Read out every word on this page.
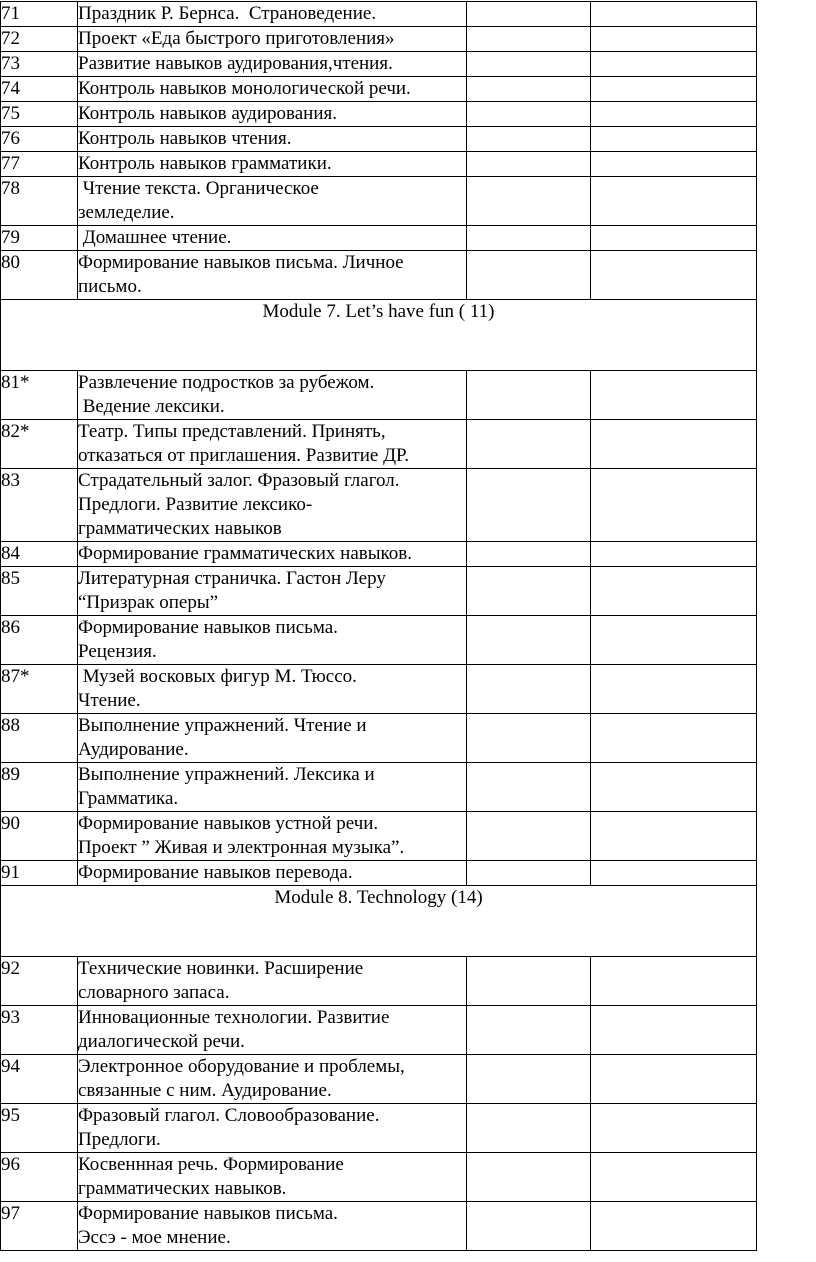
71	Праздник Р. Бернса.  Страноведение.		

72	Проект «Еда быстрого приготовления»		

73	Развитие навыков аудирования,чтения.		

74	Контроль навыков монологической речи.		

75	Контроль навыков аудирования.		

76	Контроль навыков чтения.		

77	Контроль навыков грамматики.		

78	Чтение текста. Органическое
земледелие.		

79	Домашнее чтение.		

80	Формирование навыков письма. Личное
письмо.		

Module 7. Let’s have fun ( 11)			
81*	Развлечение подростков за рубежом.
Ведение лексики.		

82*	Театр. Типы представлений. Принять,
отказаться от приглашения. Развитие ДР.		

83	Страдательный залог. Фразовый глагол.
Предлоги. Развитие лексико-
грамматических навыков		

84	Формирование грамматических навыков.		

85	Литературная страничка. Гастон Леру
“Призрак оперы”		

86	Формирование навыков письма.
Рецензия.		

87*	Музей восковых фигур М. Тюссо.
Чтение.		

88	Выполнение упражнений. Чтение и
Аудирование.		

89	Выполнение упражнений. Лексика и
Грамматика.		

90	Формирование навыков устной речи.
Проект ” Живая и электронная музыка”.		

91	Формирование навыков перевода.		

Module 8. Technology (14)			
92	Технические новинки. Расширение
словарного запаса.		

93	Инновационные технологии. Развитие
диалогической речи.		

94	Электронное оборудование и проблемы,
связанные с ним. Аудирование.		

95	Фразовый глагол. Словообразование.
Предлоги.		

96	Косвеннная речь. Формирование
грамматических навыков.		

97	Формирование навыков письма.
Эссэ - мое мнение.		
